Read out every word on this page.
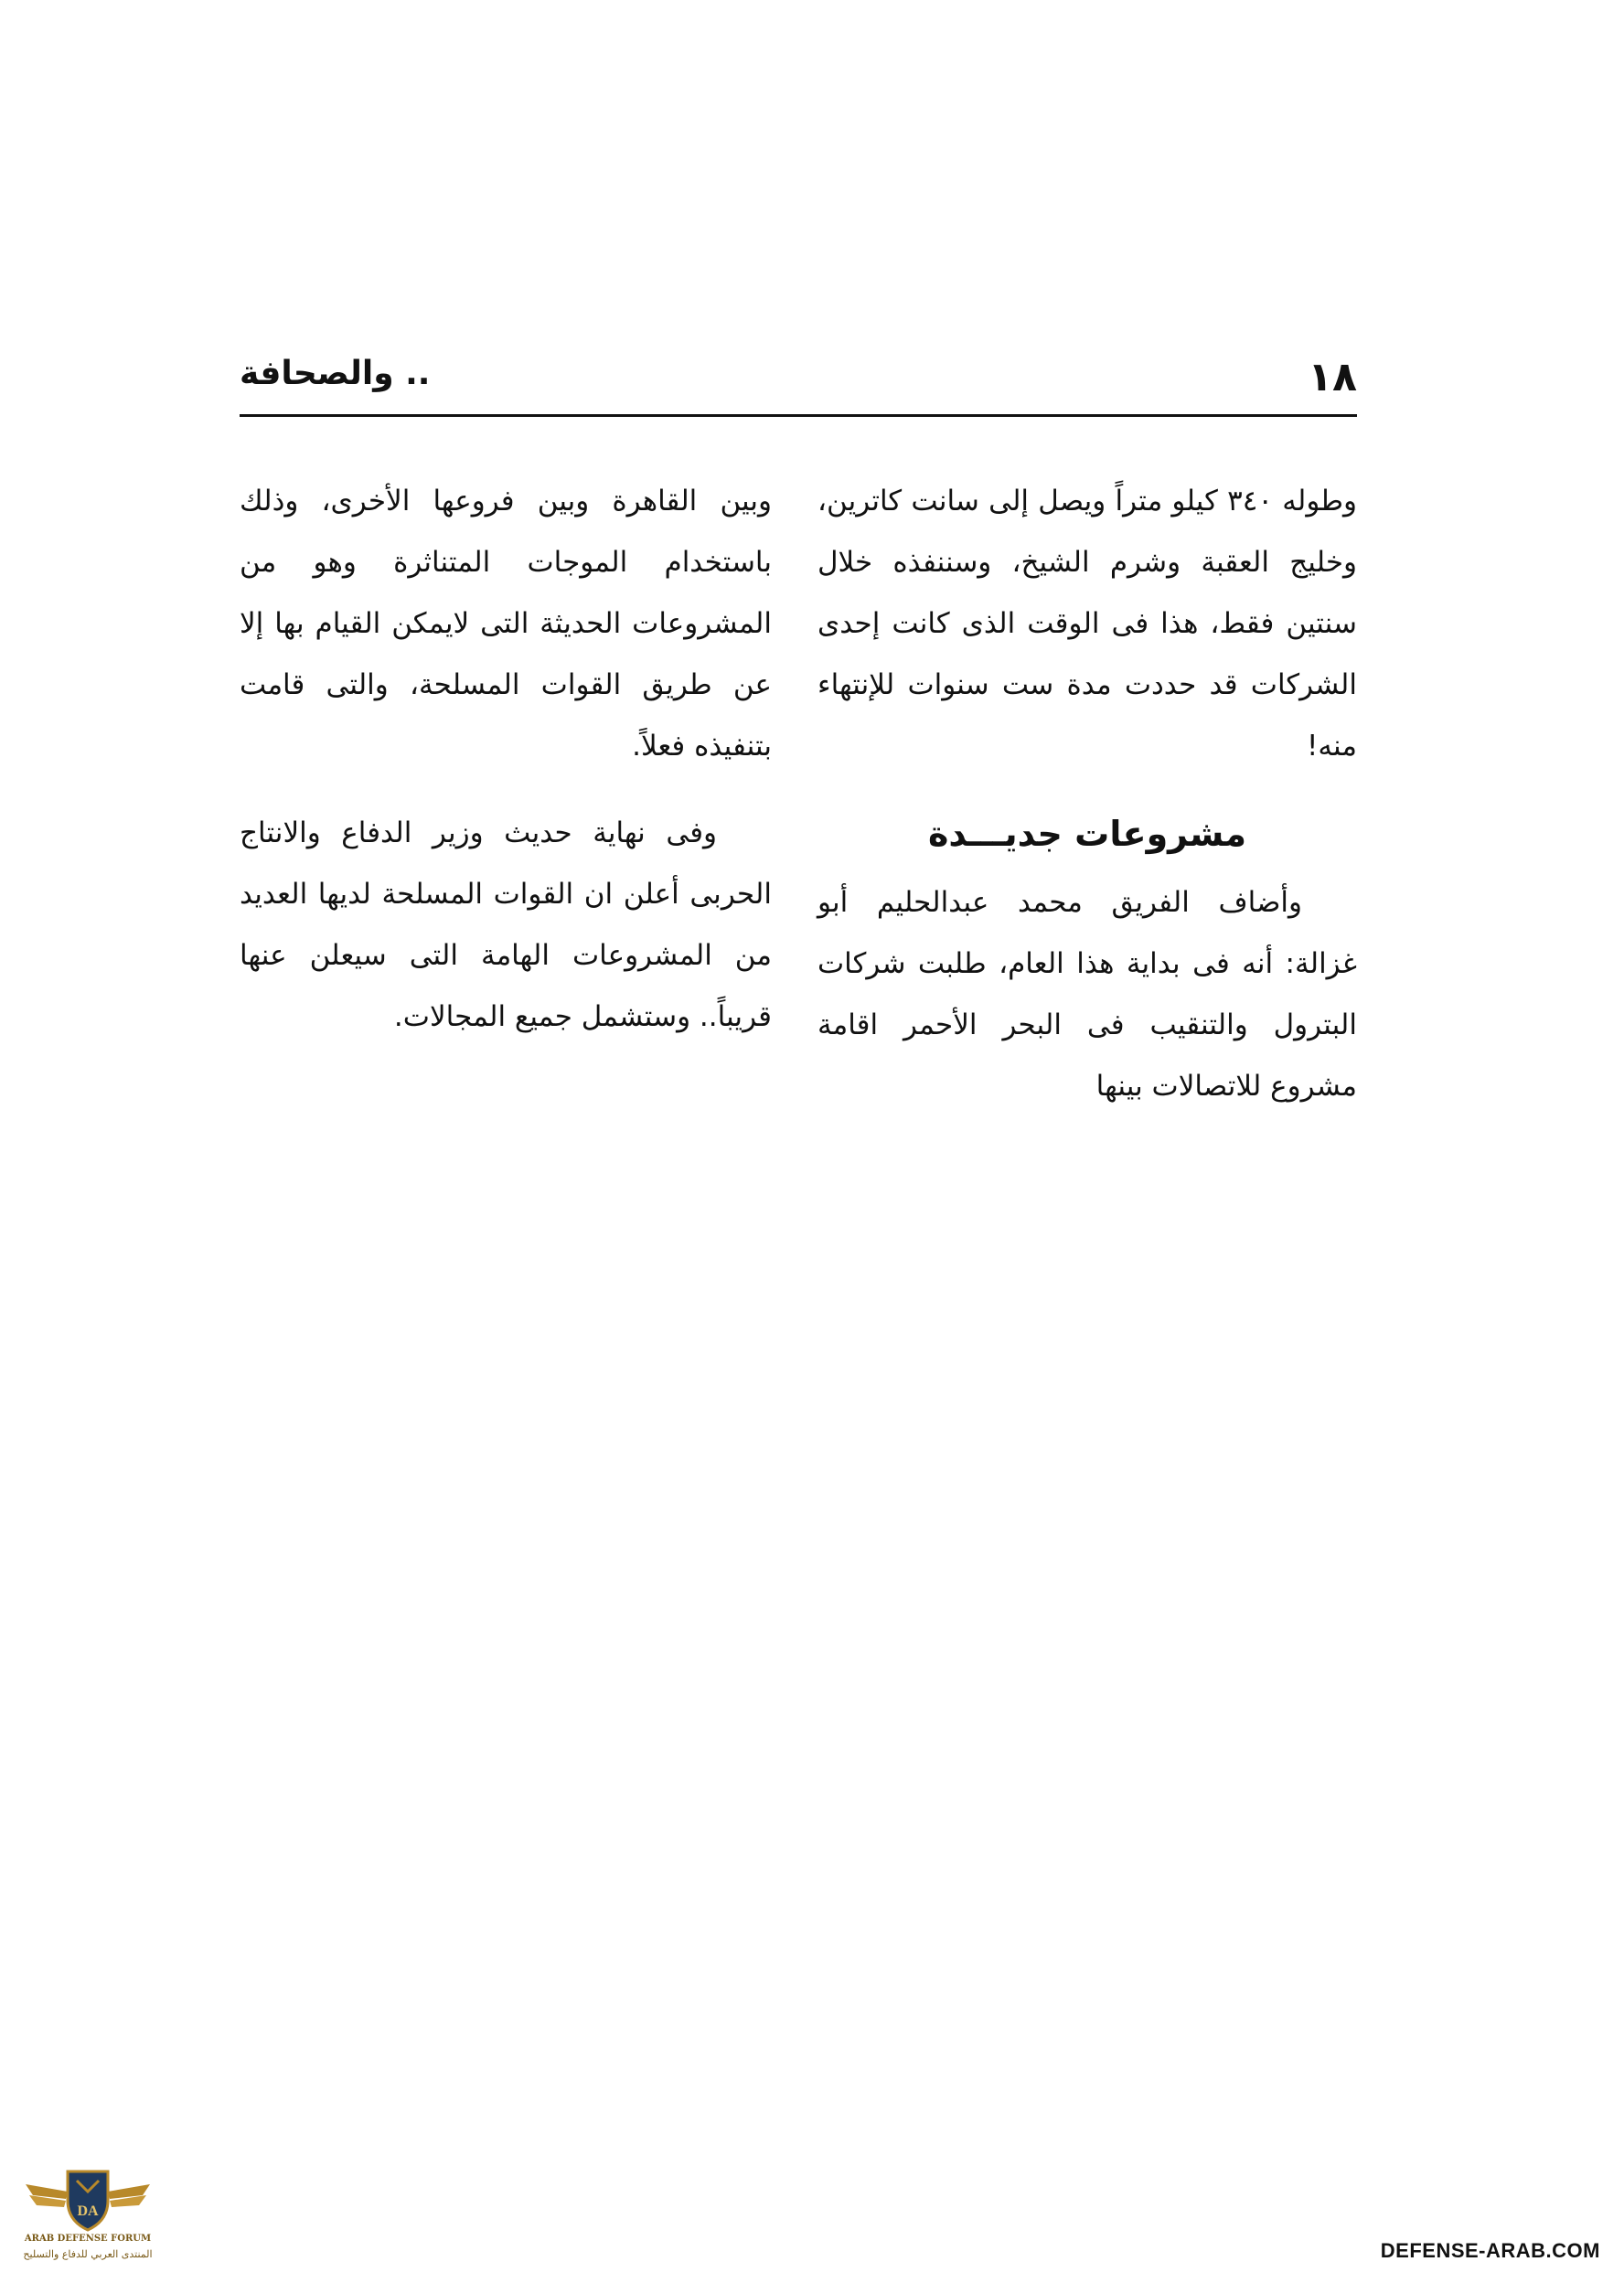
١٨
.. والصحافة

وطوله ٣٤٠ كيلو متراً ويصل إلى سانت كاترين، وخليج العقبة وشرم الشيخ، وسننفذه خلال سنتين فقط، هذا فى الوقت الذى كانت إحدى الشركات قد حددت مدة ست سنوات للإنتهاء منه!

مشروعات جديـــدة

وأضاف الفريق محمد عبدالحليم أبو غزالة: أنه فى بداية هذا العام، طلبت شركات البترول والتنقيب فى البحر الأحمر اقامة مشروع للاتصالات بينها

وبين القاهرة وبين فروعها الأخرى، وذلك باستخدام الموجات المتناثرة وهو من المشروعات الحديثة التى لايمكن القيام بها إلا عن طريق القوات المسلحة، والتى قامت بتنفيذه فعلاً.

وفى نهاية حديث وزير الدفاع والانتاج الحربى أعلن ان القوات المسلحة لديها العديد من المشروعات الهامة التى سيعلن عنها قريباً.. وستشمل جميع المجالات.

DA
ARAB DEFENSE FORUM
المنتدى العربي للدفاع والتسليح	DEFENSE-ARAB.COM
